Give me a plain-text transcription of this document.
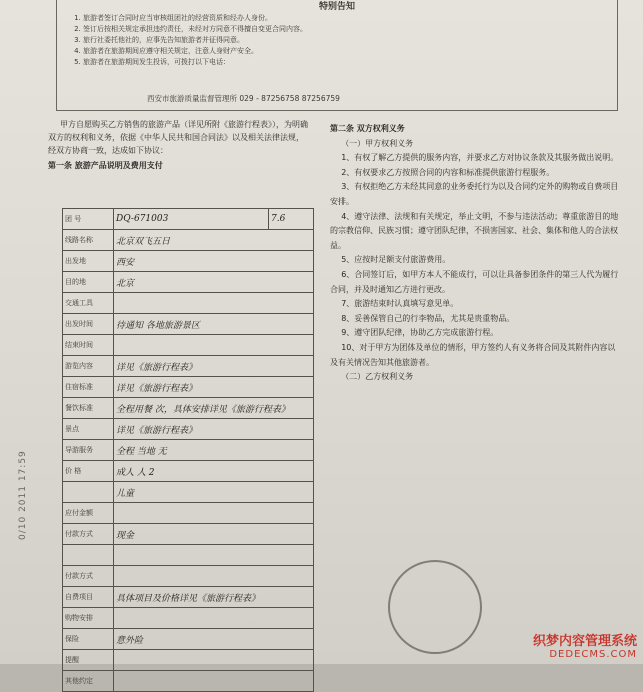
特别告知
1. 旅游者签订合同时应当审核组团社的经营资质和经办人身份。
2. 签订后按相关规定承担违约责任，未经对方同意不得擅自变更合同内容。
3. 旅行社委托他社的，应事先告知旅游者并征得同意。
4. 旅游者在旅游期间应遵守相关规定，注意人身财产安全。
5. 旅游者在旅游期间发生投诉，可拨打以下电话：
西安市旅游质量监督管理所 029 - 87256758 87256759

甲方自愿购买乙方销售的旅游产品（详见所附《旅游行程表》），为明确双方的权利和义务，依据《中华人民共和国合同法》以及相关法律法规，经双方协商一致，达成如下协议：

第一条 旅游产品说明及费用支付
团 号	DQ-671003	7.6
线路名称	北京双飞五日	
出发地	西安	
目的地	北京	
交通工具		
出发时间	待通知 各地旅游景区	
结束时间		
游览内容	详见《旅游行程表》	
住宿标准	详见《旅游行程表》	
餐饮标准	全程用餐 次，具体安排详见《旅游行程表》	
景点	详见《旅游行程表》	
导游服务	全程 当地 无	
价 格	成人 人 2	
	儿童	
应付金额		
付款方式	现金	

付款方式		
自费项目	具体项目及价格详见《旅游行程表》	
购物安排		
保险	意外险	
提醒		
其他约定		
第二条 双方权利义务

（一）甲方权利义务

1、有权了解乙方提供的服务内容，并要求乙方对协议条款及其服务做出说明。

2、有权要求乙方按照合同的内容和标准提供旅游行程服务。

3、有权拒绝乙方未经其同意的业务委托行为以及合同约定外的购物或自费项目安排。

4、遵守法律、法规和有关规定，举止文明，不参与违法活动；尊重旅游目的地的宗教信仰、民族习惯；遵守团队纪律，不损害国家、社会、集体和他人的合法权益。

5、应按时足额支付旅游费用。

6、合同签订后，如甲方本人不能成行，可以让具备参团条件的第三人代为履行合同，并及时通知乙方进行更改。

7、旅游结束时认真填写意见单。

8、妥善保管自己的行李物品，尤其是贵重物品。

9、遵守团队纪律，协助乙方完成旅游行程。

10、对于甲方为团体及单位的情形，甲方签约人有义务将合同及其附件内容以及有关情况告知其他旅游者。

（二）乙方权利义务

0/10 2011 17:59
织梦内容管理系统
DEDECMS.COM
